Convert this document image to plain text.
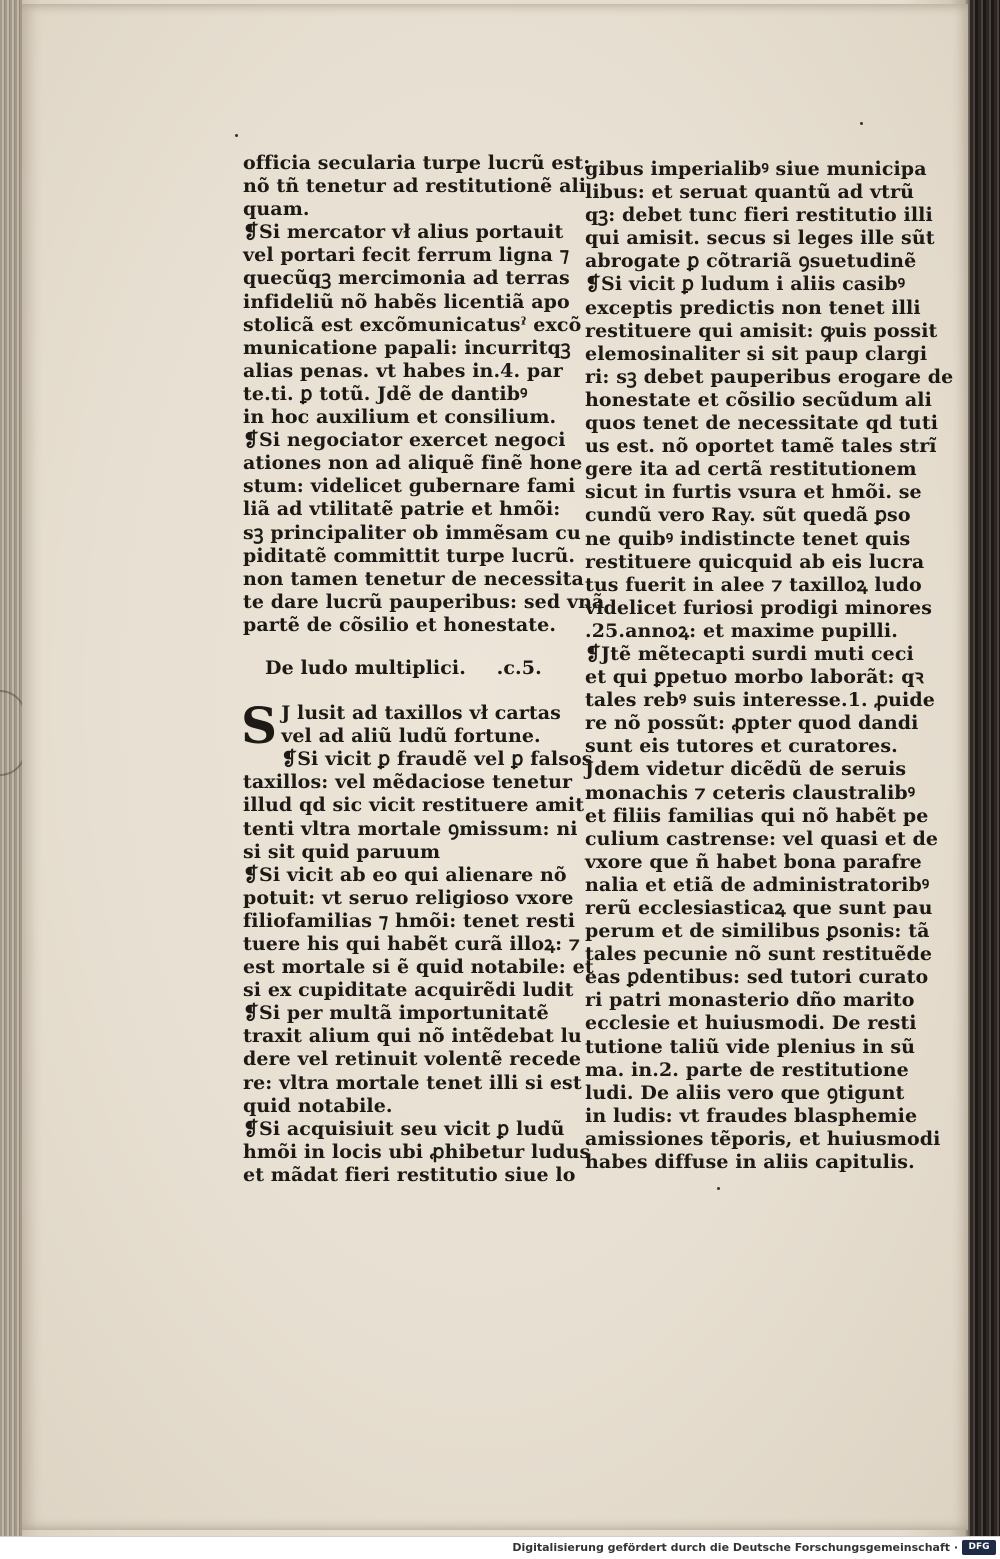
officia secularia turpe lucrũ est:
nõ tñ tenetur ad restitutionẽ ali
quam.
❡Si mercator vł alius portauit
vel portari fecit ferrum ligna ⁊
quecũqꝫ mercimonia ad terras
infideliũ nõ habẽs licentiã apo
stolicã est excõmunicatusˀ excõ
municatione papali: incurritqꝫ
alias penas. vt habes in.4. par
te.ti. ꝑ totũ. Jdẽ de dantibꝰ
in hoc auxilium et consilium.
❡Si negociator exercet negoci
ationes non ad aliquẽ finẽ hone
stum: videlicet gubernare fami
liã ad vtilitatẽ patrie et hmõi:
sꝫ principaliter ob immẽsam cu
piditatẽ committit turpe lucrũ.
non tamen tenetur de necessita
te dare lucrũ pauperibus: sed vnã
partẽ de cõsilio et honestate.
De ludo multiplici. .c.5.
S J lusit ad taxillos vł cartas
vel ad aliũ ludũ fortune.
❡Si vicit ꝑ fraudẽ vel ꝑ falsos
taxillos: vel mẽdaciose tenetur
illud qd sic vicit restituere amit
tenti vltra mortale ꝯmissum: ni
si sit quid paruum
❡Si vicit ab eo qui alienare nõ
potuit: vt seruo religioso vxore
filiofamilias ⁊ hmõi: tenet resti
tuere his qui habẽt curã illoꝝ: ⁊
est mortale si ẽ quid notabile: et
si ex cupiditate acquirẽdi ludit
❡Si per multã importunitatẽ
traxit alium qui nõ intẽdebat lu
dere vel retinuit volentẽ recede
re: vltra mortale tenet illi si est
quid notabile.
❡Si acquisiuit seu vicit ꝑ ludũ
hmõi in locis ubi ꝓhibetur ludus
et mãdat fieri restitutio siue lo
gibus imperialibꝰ siue municipa
libus: et seruat quantũ ad vtrũ
qꝫ: debet tunc fieri restitutio illi
qui amisit. secus si leges ille sũt
abrogate ꝑ cõtrariã ꝯsuetudinẽ
❡Si vicit ꝑ ludum i aliis casibꝰ
exceptis predictis non tenet illi
restituere qui amisit: ꝙuis possit
elemosinaliter si sit paup clargi
ri: sꝫ debet pauperibus erogare de
honestate et cõsilio secũdum ali
quos tenet de necessitate qd tuti
us est. nõ oportet tamẽ tales strĩ
gere ita ad certã restitutionem
sicut in furtis vsura et hmõi. se
cundũ vero Ray. sũt quedã ꝑso
ne quibꝰ indistincte tenet quis
restituere quicquid ab eis lucra
tus fuerit in alee ⁊ taxilloꝝ ludo
videlicet furiosi prodigi minores
.25.annoꝝ: et maxime pupilli.
❡Jtẽ mẽtecapti surdi muti ceci
et qui ꝑpetuo morbo laborãt: qꝛ
tales rebꝰ suis interesse.1. ꝓuide
re nõ possũt: ꝓpter quod dandi
sunt eis tutores et curatores.
Jdem videtur dicẽdũ de seruis
monachis ⁊ ceteris claustralibꝰ
et filiis familias qui nõ habẽt pe
culium castrense: vel quasi et de
vxore que ñ habet bona parafre
nalia et etiã de administratoribꝰ
rerũ ecclesiasticaꝝ que sunt pau
perum et de similibus ꝑsonis: tã
tales pecunie nõ sunt restituẽde
eas ꝑdentibus: sed tutori curato
ri patri monasterio dño marito
ecclesie et huiusmodi. De resti
tutione taliũ vide plenius in sũ
ma. in.2. parte de restitutione
ludi. De aliis vero que ꝯtigunt
in ludis: vt fraudes blasphemie
amissiones tẽporis, et huiusmodi
habes diffuse in aliis capitulis.
Digitalisierung gefördert durch die Deutsche Forschungsgemeinschaft ·	DFG
